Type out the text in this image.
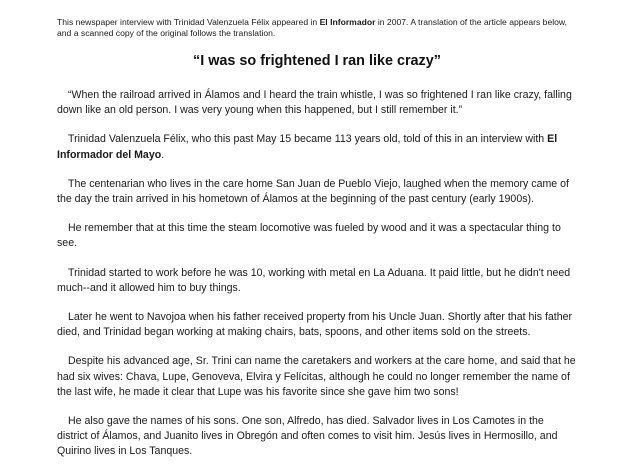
This newspaper interview with Trinidad Valenzuela Félix appeared in El Informador in 2007. A translation of the article appears below, and a scanned copy of the original follows the translation.

“I was so frightened I ran like crazy”

“When the railroad arrived in Álamos and I heard the train whistle, I was so frightened I ran like crazy, falling down like an old person. I was very young when this happened, but I still remember it.”

Trinidad Valenzuela Félix, who this past May 15 became 113 years old, told of this in an interview with El Informador del Mayo.

The centenarian who lives in the care home San Juan de Pueblo Viejo, laughed when the memory came of the day the train arrived in his hometown of Álamos at the beginning of the past century (early 1900s).

He remember that at this time the steam locomotive was fueled by wood and it was a spectacular thing to see.

Trinidad started to work before he was 10, working with metal en La Aduana. It paid little, but he didn't need much--and it allowed him to buy things.

Later he went to Navojoa when his father received property from his Uncle Juan. Shortly after that his father died, and Trinidad began working at making chairs, bats, spoons, and other items sold on the streets.

Despite his advanced age, Sr. Trini can name the caretakers and workers at the care home, and said that he had six wives: Chava, Lupe, Genoveva, Elvira y Felícitas, although he could no longer remember the name of the last wife, he made it clear that Lupe was his favorite since she gave him two sons!

He also gave the names of his sons. One son, Alfredo, has died. Salvador lives in Los Camotes in the district of Álamos, and Juanito lives in Obregón and often comes to visit him. Jesús lives in Hermosillo, and Quirino lives in Los Tanques.
